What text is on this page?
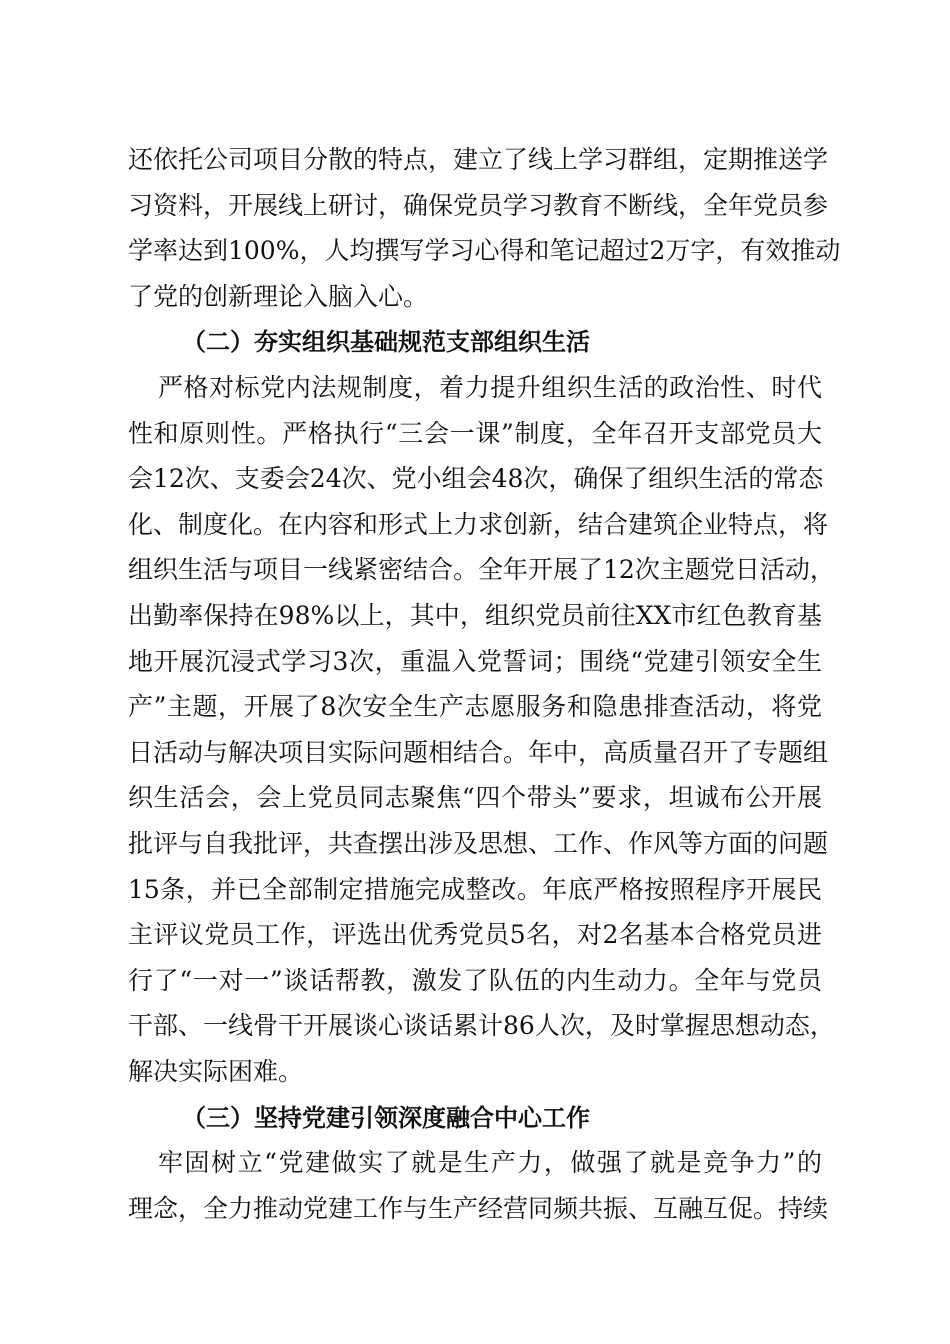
还依托公司项目分散的特点，建立了线上学习群组，定期推送学
习资料，开展线上研讨，确保党员学习教育不断线，全年党员参
学率达到100%，人均撰写学习心得和笔记超过2万字，有效推动
了党的创新理论入脑入心。
（二）夯实组织基础规范支部组织生活
严格对标党内法规制度，着力提升组织生活的政治性、时代
性和原则性。严格执行“三会一课”制度，全年召开支部党员大
会12次、支委会24次、党小组会48次，确保了组织生活的常态
化、制度化。在内容和形式上力求创新，结合建筑企业特点，将
组织生活与项目一线紧密结合。全年开展了12次主题党日活动，
出勤率保持在98%以上，其中，组织党员前往XX市红色教育基
地开展沉浸式学习3次，重温入党誓词；围绕“党建引领安全生
产”主题，开展了8次安全生产志愿服务和隐患排查活动，将党
日活动与解决项目实际问题相结合。年中，高质量召开了专题组
织生活会，会上党员同志聚焦“四个带头”要求，坦诚布公开展
批评与自我批评，共查摆出涉及思想、工作、作风等方面的问题
15条，并已全部制定措施完成整改。年底严格按照程序开展民
主评议党员工作，评选出优秀党员5名，对2名基本合格党员进
行了“一对一”谈话帮教，激发了队伍的内生动力。全年与党员
干部、一线骨干开展谈心谈话累计86人次，及时掌握思想动态，
解决实际困难。
（三）坚持党建引领深度融合中心工作
牢固树立“党建做实了就是生产力，做强了就是竞争力”的
理念，全力推动党建工作与生产经营同频共振、互融互促。持续
